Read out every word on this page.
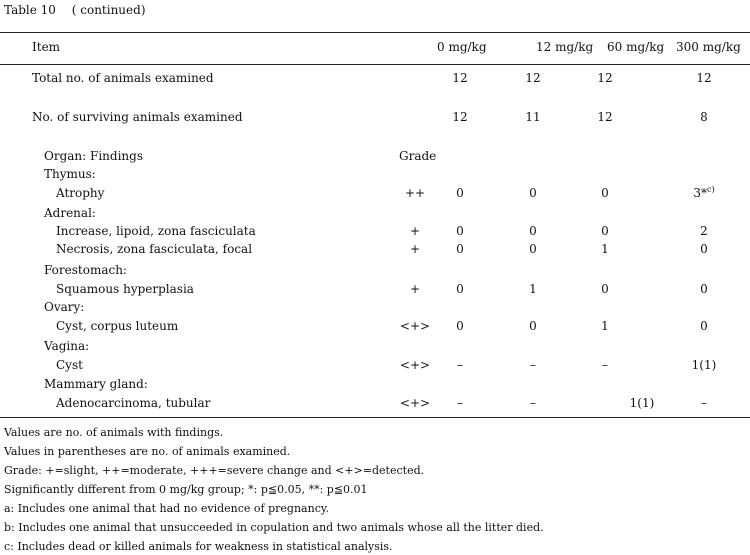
Table 10 　( continued)
Item	0 mg/kg	12 mg/kg 60 mg/kg 300 mg/kg
Total no. of animals examined	12	12	12	12
No. of surviving animals examined	12	11	12	8
Organ: Findings	Grade
Thymus:
Atrophy	++	0	0	0	3*$^{c)}$
Adrenal:
Increase, lipoid, zona fasciculata	+	0	0	0	2
Necrosis, zona fasciculata, focal	+	0	0	1	0
Forestomach:
Squamous hyperplasia	+	0	1	0	0
Ovary:
Cyst, corpus luteum	<+>	0	0	1	0
Vagina:
Cyst	<+>	–	–	–	1(1)
Mammary gland:
Adenocarcinoma, tubular	<+>	–	–	1(1)	–
Values are no. of animals with findings.
Values in parentheses are no. of animals examined.
Grade: +=slight, ++=moderate, +++=severe change and <+>=detected.
Significantly different from 0 mg/kg group; *: p≦0.05, **: p≦0.01
a: Includes one animal that had no evidence of pregnancy.
b: Includes one animal that unsucceeded in copulation and two animals whose all the litter died.
c: Includes dead or killed animals for weakness in statistical analysis.
